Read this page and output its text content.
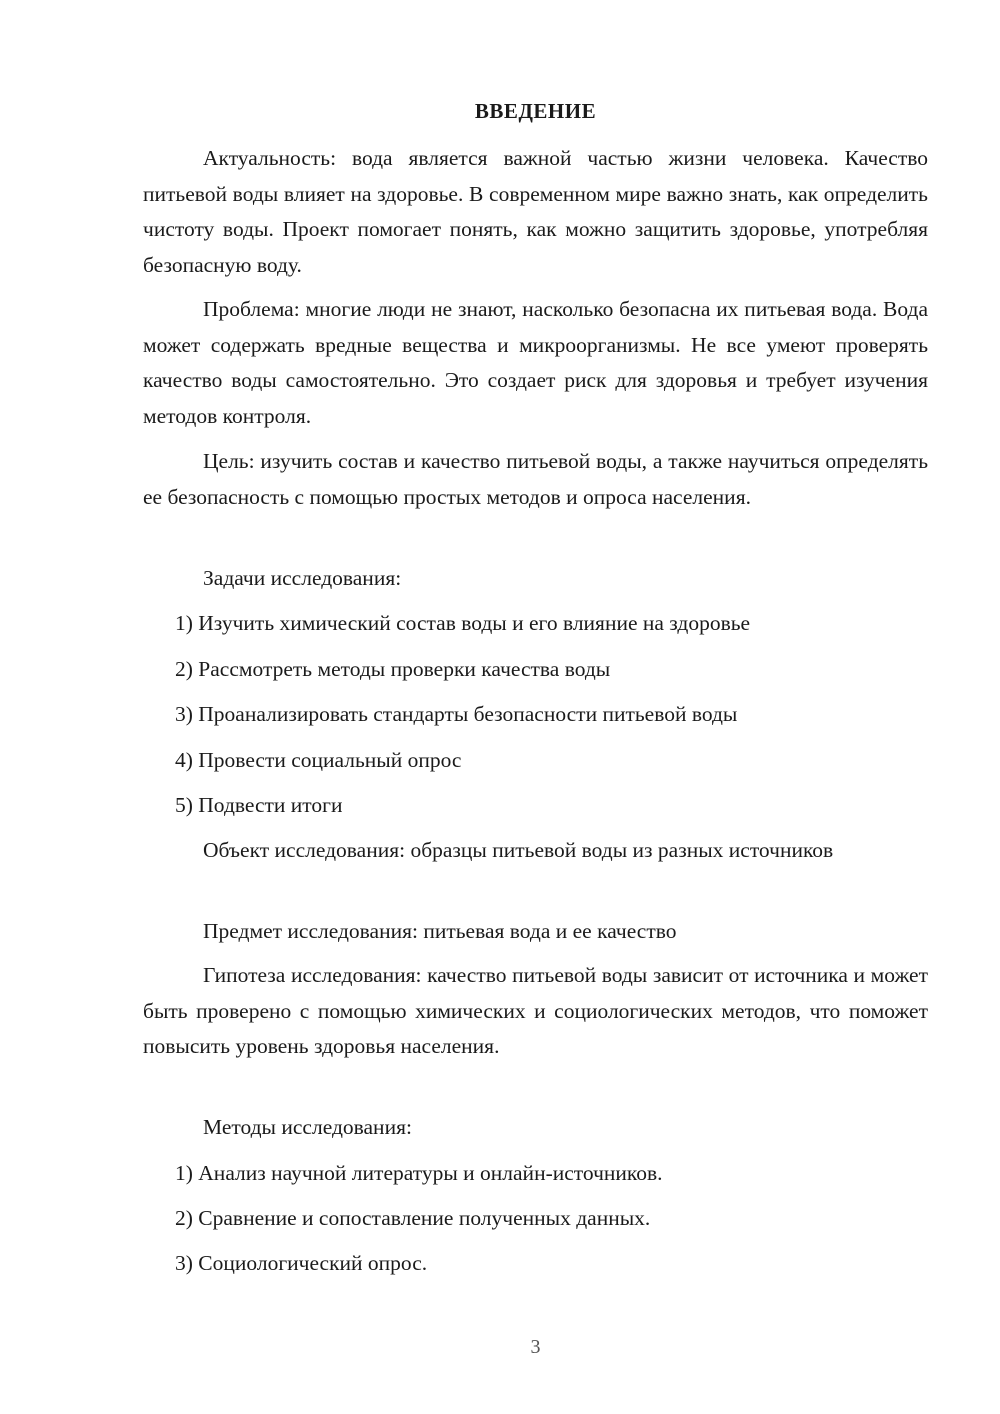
ВВЕДЕНИЕ

Актуальность: вода является важной частью жизни человека. Качество питьевой воды влияет на здоровье. В современном мире важно знать, как определить чистоту воды. Проект помогает понять, как можно защитить здоровье, употребляя безопасную воду.

Проблема: многие люди не знают, насколько безопасна их питьевая вода. Вода может содержать вредные вещества и микроорганизмы. Не все умеют проверять качество воды самостоятельно. Это создает риск для здоровья и требует изучения методов контроля.

Цель: изучить состав и качество питьевой воды, а также научиться определять ее безопасность с помощью простых методов и опроса населения.

Задачи исследования:

1) Изучить химический состав воды и его влияние на здоровье

2) Рассмотреть методы проверки качества воды

3) Проанализировать стандарты безопасности питьевой воды

4) Провести социальный опрос

5) Подвести итоги

Объект исследования: образцы питьевой воды из разных источников

Предмет исследования: питьевая вода и ее качество

Гипотеза исследования: качество питьевой воды зависит от источника и может быть проверено с помощью химических и социологических методов, что поможет повысить уровень здоровья населения.

Методы исследования:

1) Анализ научной литературы и онлайн-источников.

2) Сравнение и сопоставление полученных данных.

3) Социологический опрос.

3
